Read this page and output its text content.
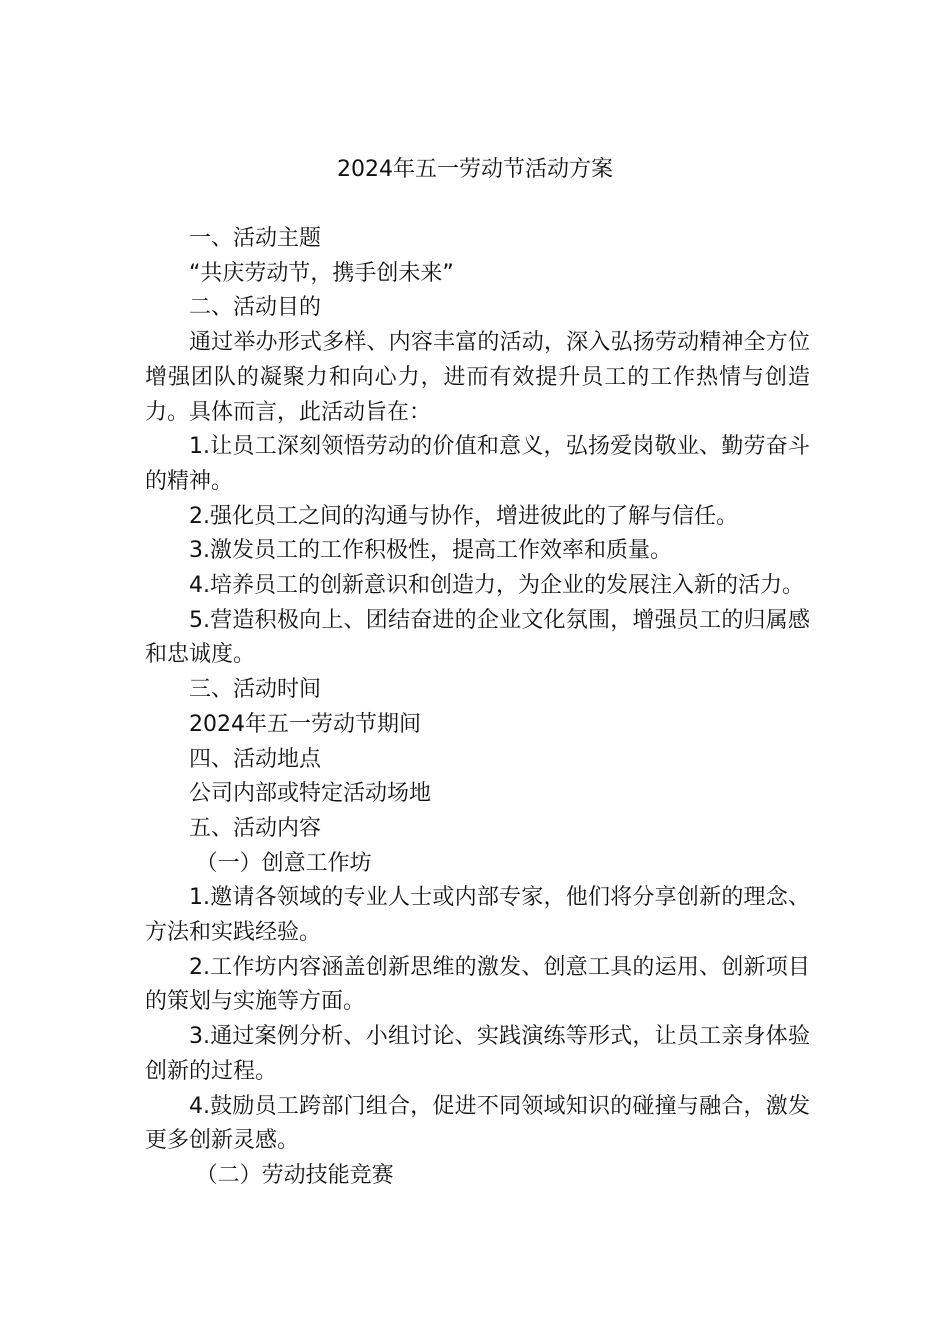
2024年五一劳动节活动方案

一、活动主题

“共庆劳动节，携手创未来”

二、活动目的

通过举办形式多样、内容丰富的活动，深入弘扬劳动精神全方位增强团队的凝聚力和向心力，进而有效提升员工的工作热情与创造力。具体而言，此活动旨在：

1.让员工深刻领悟劳动的价值和意义，弘扬爱岗敬业、勤劳奋斗的精神。

2.强化员工之间的沟通与协作，增进彼此的了解与信任。

3.激发员工的工作积极性，提高工作效率和质量。

4.培养员工的创新意识和创造力，为企业的发展注入新的活力。

5.营造积极向上、团结奋进的企业文化氛围，增强员工的归属感和忠诚度。

三、活动时间

2024年五一劳动节期间

四、活动地点

公司内部或特定活动场地

五、活动内容

（一）创意工作坊

1.邀请各领域的专业人士或内部专家，他们将分享创新的理念、方法和实践经验。

2.工作坊内容涵盖创新思维的激发、创意工具的运用、创新项目的策划与实施等方面。

3.通过案例分析、小组讨论、实践演练等形式，让员工亲身体验创新的过程。

4.鼓励员工跨部门组合，促进不同领域知识的碰撞与融合，激发更多创新灵感。

（二）劳动技能竞赛
